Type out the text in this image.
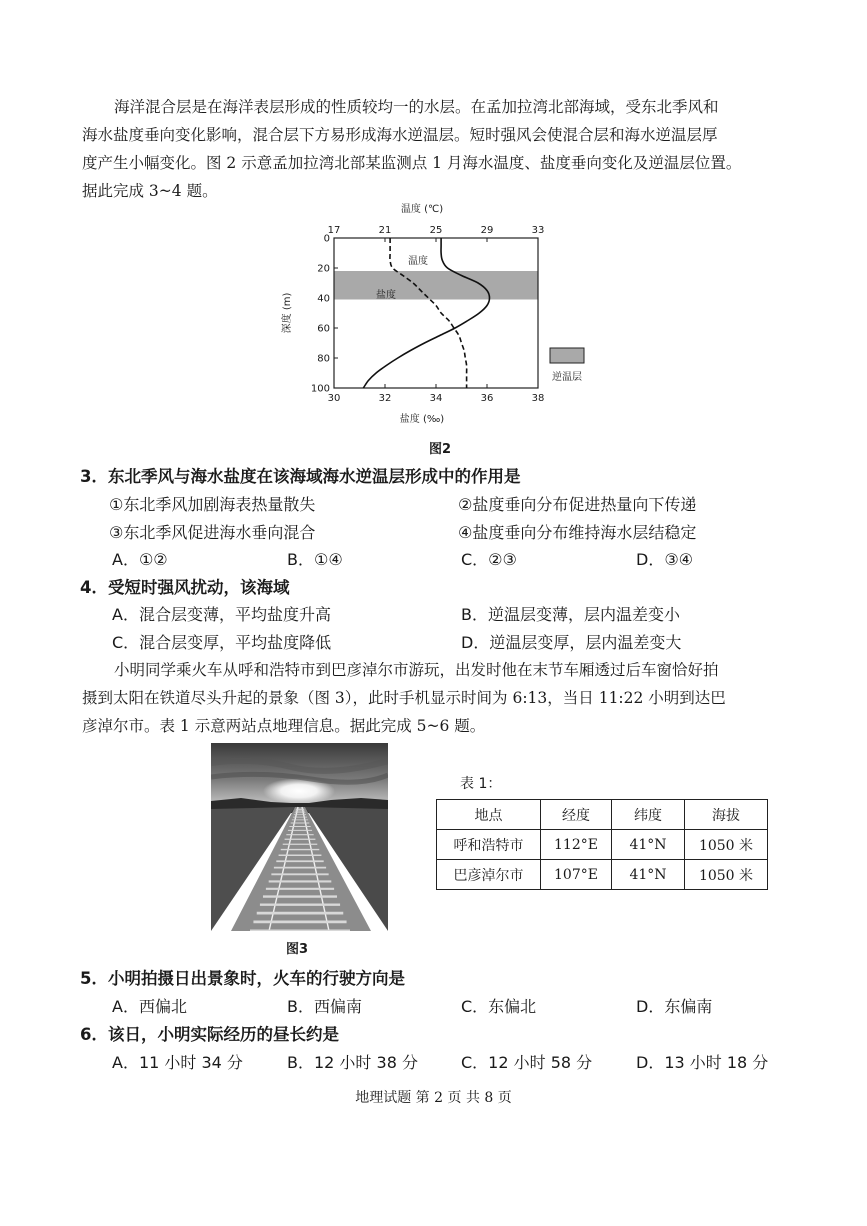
海洋混合层是在海洋表层形成的性质较均一的水层。在孟加拉湾北部海域，受东北季风和

海水盐度垂向变化影响，混合层下方易形成海水逆温层。短时强风会使混合层和海水逆温层厚

度产生小幅变化。图 2 示意孟加拉湾北部某监测点 1 月海水温度、盐度垂向变化及逆温层位置。

据此完成 3~4 题。

温度 (℃)
17	21	25	29	33
30	32	34	36	38
0
20
40
60
80
100
温度
盐度
深度 (m)
盐度 (‰)
逆温层
图2
3．东北季风与海水盐度在该海域海水逆温层形成中的作用是
①东北季风加剧海表热量散失	②盐度垂向分布促进热量向下传递
③东北季风促进海水垂向混合	④盐度垂向分布维持海水层结稳定
A．①②	B．①④	C．②③	D．③④
4．受短时强风扰动，该海域
A．混合层变薄，平均盐度升高	B．逆温层变薄，层内温差变小
C．混合层变厚，平均盐度降低	D．逆温层变厚，层内温差变大

小明同学乘火车从呼和浩特市到巴彦淖尔市游玩，出发时他在末节车厢透过后车窗恰好拍

摄到太阳在铁道尽头升起的景象（图 3），此时手机显示时间为 6:13，当日 11:22 小明到达巴

彦淖尔市。表 1 示意两站点地理信息。据此完成 5~6 题。

图3
表 1：
地点	经度	纬度	海拔
呼和浩特市	112°E	41°N	1050 米
巴彦淖尔市	107°E	41°N	1050 米
5．小明拍摄日出景象时，火车的行驶方向是
A．西偏北	B．西偏南	C．东偏北	D．东偏南
6．该日，小明实际经历的昼长约是
A．11 小时 34 分	B．12 小时 38 分	C．12 小时 58 分	D．13 小时 18 分
地理试题 第 2 页 共 8 页
